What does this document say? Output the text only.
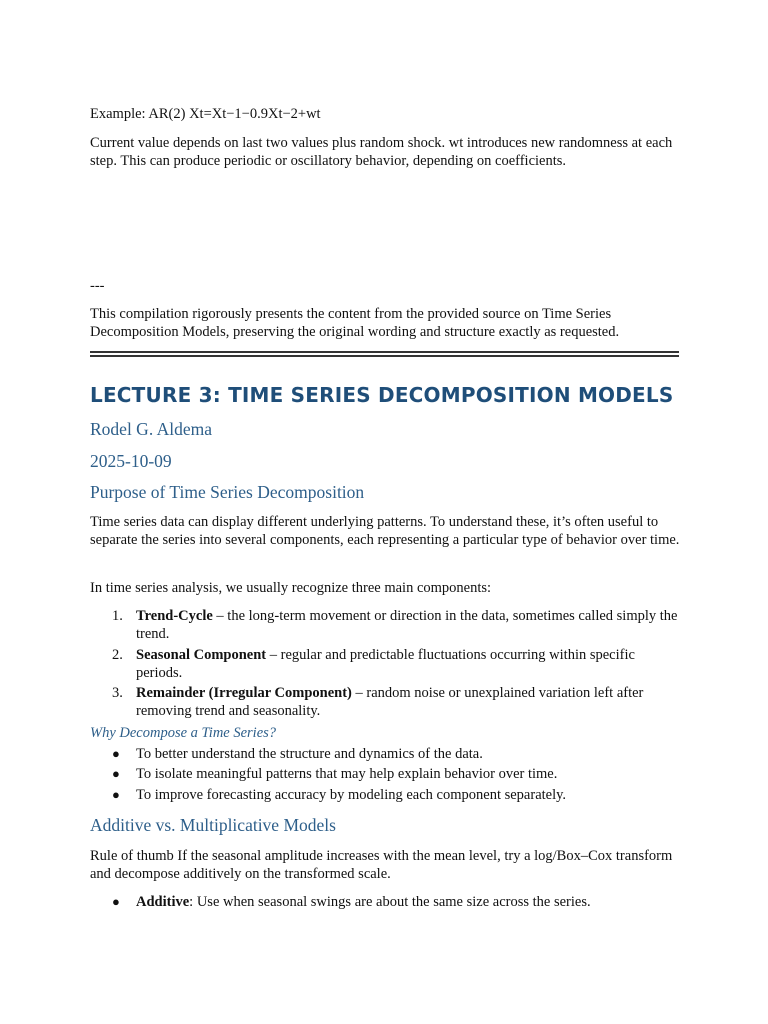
Example: AR(2) Xt=Xt−1−0.9Xt−2+wt

Current value depends on last two values plus random shock. wt introduces new randomness at each step. This can produce periodic or oscillatory behavior, depending on coefficients.

---

This compilation rigorously presents the content from the provided source on Time Series Decomposition Models, preserving the original wording and structure exactly as requested.

LECTURE 3: TIME SERIES DECOMPOSITION MODELS
Rodel G. Aldema
2025-10-09
Purpose of Time Series Decomposition

Time series data can display different underlying patterns. To understand these, it’s often useful to separate the series into several components, each representing a particular type of behavior over time.

In time series analysis, we usually recognize three main components:

1. Trend-Cycle – the long-term movement or direction in the data, sometimes called simply the trend.
2. Seasonal Component – regular and predictable fluctuations occurring within specific periods.
3. Remainder (Irregular Component) – random noise or unexplained variation left after removing trend and seasonality.
Why Decompose a Time Series?
● To better understand the structure and dynamics of the data.
● To isolate meaningful patterns that may help explain behavior over time.
● To improve forecasting accuracy by modeling each component separately.
Additive vs. Multiplicative Models

Rule of thumb If the seasonal amplitude increases with the mean level, try a log/Box–Cox transform and decompose additively on the transformed scale.

● Additive: Use when seasonal swings are about the same size across the series.
